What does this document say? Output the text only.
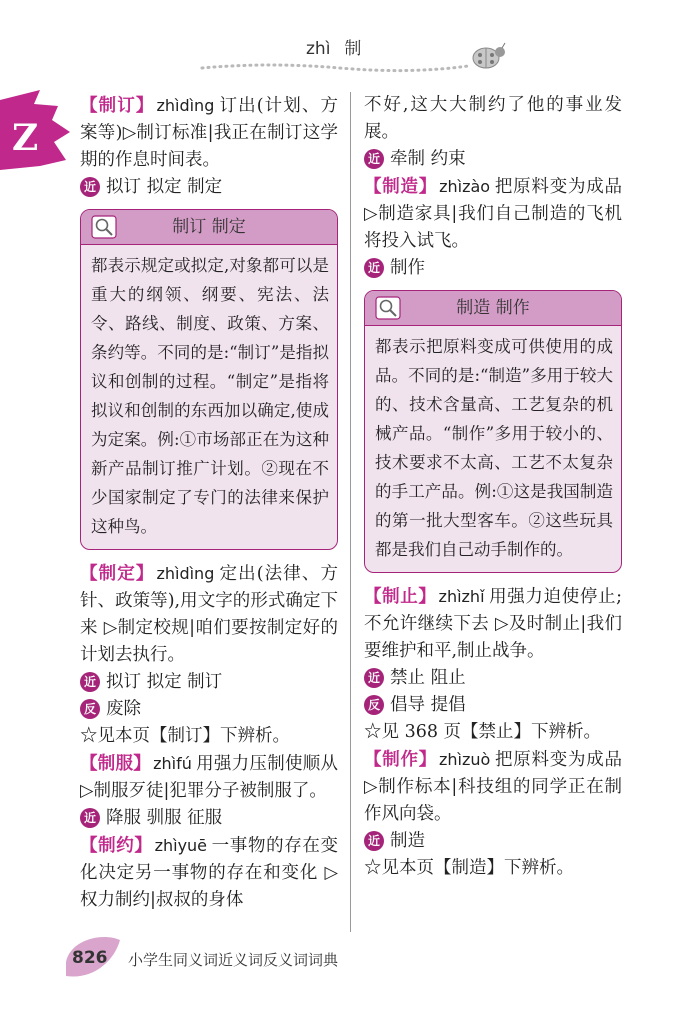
zhì 制
Z
【制订】 zhìdìng 订出(计划、方案等)▷制订标准|我正在制订这学期的作息时间表。

近 拟订 拟定 制定

制订 制定
都表示规定或拟定,对象都可以是重大的纲领、纲要、宪法、法令、路线、制度、政策、方案、条约等。不同的是:“制订”是指拟议和创制的过程。“制定”是指将拟议和创制的东西加以确定,使成为定案。例:①市场部正在为这种新产品制订推广计划。②现在不少国家制定了专门的法律来保护这种鸟。
【制定】 zhìdìng 定出(法律、方针、政策等),用文字的形式确定下来 ▷制定校规|咱们要按制定好的计划去执行。

近 拟订 拟定 制订

反 废除

☆见本页【制订】下辨析。

【制服】 zhìfú 用强力压制使顺从 ▷制服歹徒|犯罪分子被制服了。

近 降服 驯服 征服

【制约】 zhìyuē 一事物的存在变化决定另一事物的存在和变化 ▷权力制约|叔叔的身体
不好,这大大制约了他的事业发展。

近 牵制 约束

【制造】 zhìzào 把原料变为成品 ▷制造家具|我们自己制造的飞机将投入试飞。

近 制作

制造 制作
都表示把原料变成可供使用的成品。不同的是:“制造”多用于较大的、技术含量高、工艺复杂的机械产品。“制作”多用于较小的、技术要求不太高、工艺不太复杂的手工产品。例:①这是我国制造的第一批大型客车。②这些玩具都是我们自己动手制作的。
【制止】 zhìzhǐ 用强力迫使停止;不允许继续下去 ▷及时制止|我们要维护和平,制止战争。

近 禁止 阻止

反 倡导 提倡

☆见 368 页【禁止】下辨析。

【制作】 zhìzuò 把原料变为成品 ▷制作标本|科技组的同学正在制作风向袋。

近 制造

☆见本页【制造】下辨析。

826 小学生同义词近义词反义词词典
